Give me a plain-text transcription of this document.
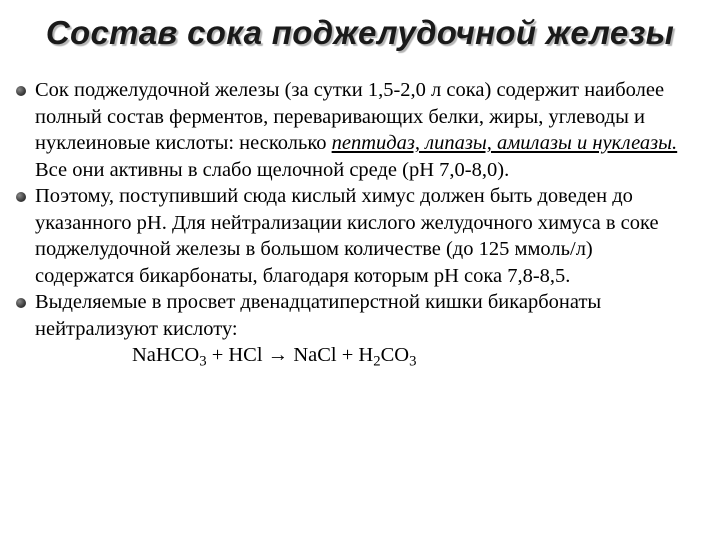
Состав сока поджелудочной железы
Сок поджелудочной железы (за сутки 1,5-2,0 л сока) содержит наиболее полный состав ферментов, переваривающих белки, жиры, углеводы и нуклеиновые кислоты: несколько пептидаз, липазы, амилазы и нуклеазы. Все они активны в слабо щелочной среде (рН 7,0-8,0).
Поэтому, поступивший сюда кислый химус должен быть доведен до указанного рН. Для нейтрализации кислого желудочного химуса в соке поджелудочной железы в большом количестве (до 125 ммоль/л) содержатся бикарбонаты, благодаря которым рН сока 7,8-8,5.
Выделяемые в просвет двенадцатиперстной кишки бикарбонаты нейтрализуют кислоту:
NaHCO$_3$ + HCl → NaCl + $H_2CO_3$
